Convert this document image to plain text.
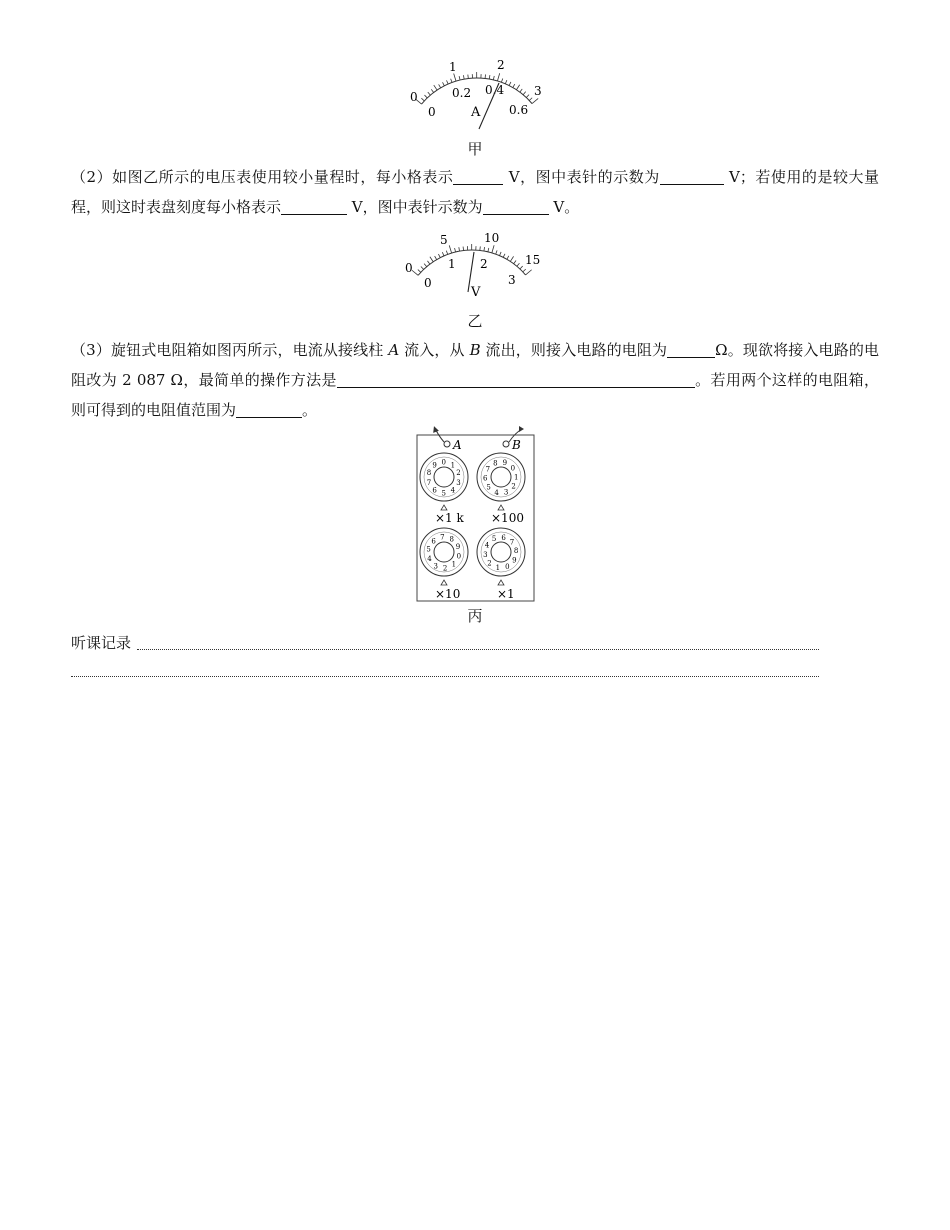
0
1	2
3
0
0.2 0.4
0.6
A
甲
（2）如图乙所示的电压表使用较小量程时，每小格表示	V，图中表针的示数为	V；若使用的是较大量程，则这时表盘刻度每小格表示	V，图中表针示数为	V。
0
5	10
15
0
1 2
3
V
乙
（3）旋钮式电阻箱如图丙所示，电流从接线柱 A 流入，从 B 流出，则接入电路的电阻为	Ω。现欲将接入电路的电阻改为 2 087 Ω，最简单的操作方法是	。若用两个这样的电阻箱，则可得到的电阻值范围为	。
A	B
0 1
2
3
4
5
6
7
8
9	0
1
2
3
4
5
6
7
8 9
0
1
2
3
4
5
6 7 8
9
0
1
2
3
4
5 6
7
8
9
×1 k ×100
×10	×1
丙
听课记录
